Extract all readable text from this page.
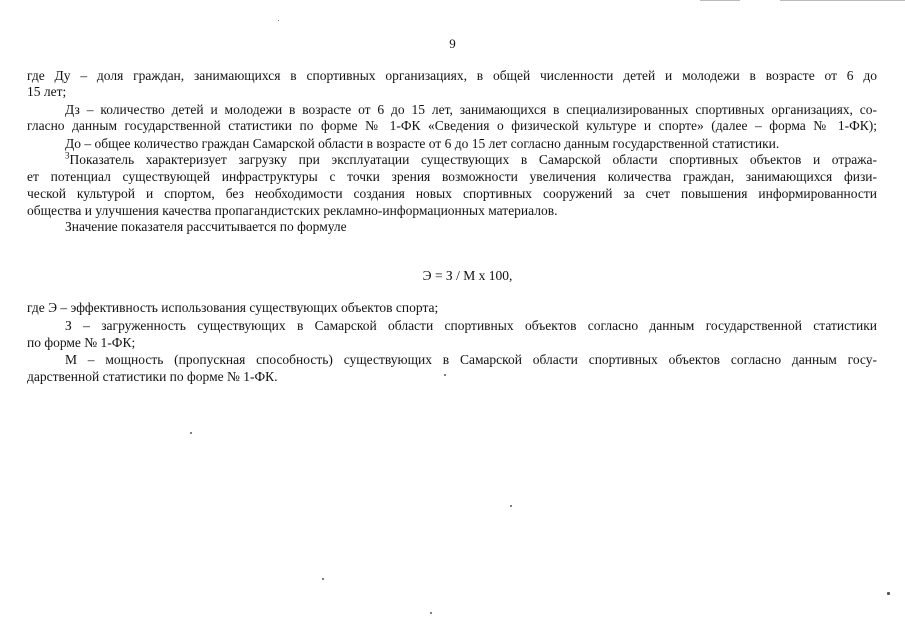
9
где Ду – доля граждан, занимающихся в спортивных организациях, в общей численности детей и молодежи в возрасте от 6 до
15 лет;
Дз – количество детей и молодежи в возрасте от 6 до 15 лет, занимающихся в специализированных спортивных организациях, со-
гласно данным государственной статистики по форме № 1-ФК «Сведения о физической культуре и спорте» (далее – форма № 1-ФК);
До – общее количество граждан Самарской области в возрасте от 6 до 15 лет согласно данным государственной статистики.
$^3$Показатель характеризует загрузку при эксплуатации существующих в Самарской области спортивных объектов и отража-
ет потенциал существующей инфраструктуры с точки зрения возможности увеличения количества граждан, занимающихся физи-
ческой культурой и спортом, без необходимости создания новых спортивных сооружений за счет повышения информированности
общества и улучшения качества пропагандистских рекламно-информационных материалов.
Значение показателя рассчитывается по формуле
Э = З / М х 100,
где Э – эффективность использования существующих объектов спорта;
З – загруженность существующих в Самарской области спортивных объектов согласно данным государственной статистики
по форме № 1-ФК;
М – мощность (пропускная способность) существующих в Самарской области спортивных объектов согласно данным госу-
дарственной статистики по форме № 1-ФК.
